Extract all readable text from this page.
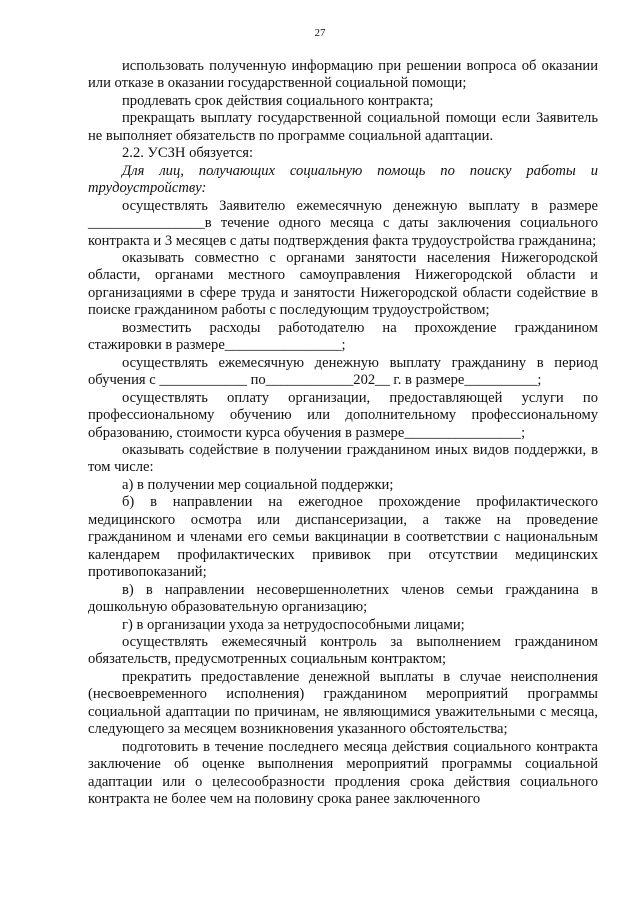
27

использовать полученную информацию при решении вопроса об оказании или отказе в оказании государственной социальной помощи;

продлевать срок действия социального контракта;

прекращать выплату государственной социальной помощи если Заявитель не выполняет обязательств по программе социальной адаптации.

2.2. УСЗН обязуется:

Для лиц, получающих социальную помощь по поиску работы и трудоустройству:

осуществлять Заявителю ежемесячную денежную выплату в размере ________________в течение одного месяца с даты заключения социального контракта и 3 месяцев с даты подтверждения факта трудоустройства гражданина;

оказывать совместно с органами занятости населения Нижегородской области, органами местного самоуправления Нижегородской области и организациями в сфере труда и занятости Нижегородской области содействие в поиске гражданином работы с последующим трудоустройством;

возместить расходы работодателю на прохождение гражданином стажировки в размере________________;

осуществлять ежемесячную денежную выплату гражданину в период обучения с ____________ по____________202__ г. в размере__________;

осуществлять оплату организации, предоставляющей услуги по профессиональному обучению или дополнительному профессиональному образованию, стоимости курса обучения в размере________________;

оказывать содействие в получении гражданином иных видов поддержки, в том числе:

а) в получении мер социальной поддержки;

б) в направлении на ежегодное прохождение профилактического медицинского осмотра или диспансеризации, а также на проведение гражданином и членами его семьи вакцинации в соответствии с национальным календарем профилактических прививок при отсутствии медицинских противопоказаний;

в) в направлении несовершеннолетних членов семьи гражданина в дошкольную образовательную организацию;

г) в организации ухода за нетрудоспособными лицами;

осуществлять ежемесячный контроль за выполнением гражданином обязательств, предусмотренных социальным контрактом;

прекратить предоставление денежной выплаты в случае неисполнения (несвоевременного исполнения) гражданином мероприятий программы социальной адаптации по причинам, не являющимися уважительными с месяца, следующего за месяцем возникновения указанного обстоятельства;

подготовить в течение последнего месяца действия социального контракта заключение об оценке выполнения мероприятий программы социальной адаптации или о целесообразности продления срока действия социального контракта не более чем на половину срока ранее заключенного
